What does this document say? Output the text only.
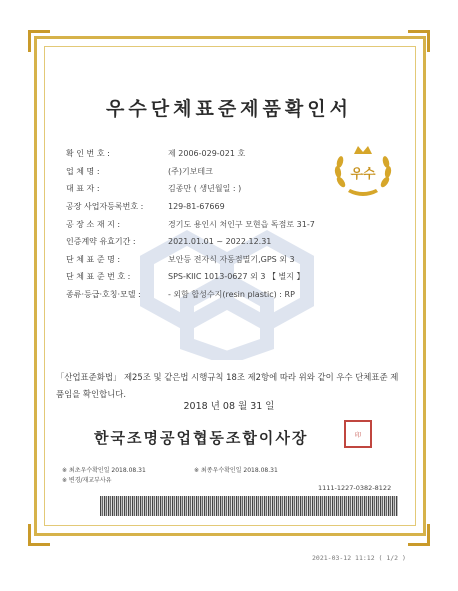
우수단체표준제품확인서
확 인 번 호 :	제 2006-029-021 호
업 체 명 :	(주)기보테크
대 표 자 :	김종만 ( 생년월일 : )
공장 사업자등록번호 :	129-81-67669
공 장 소 재 지 :	경기도 용인시 처인구 모현읍 독점로 31-7
인증계약 유효기간 :	2021.01.01 ~ 2022.12.31
단 체 표 준 명 :	보안등 전자식 자동점멸기,GPS 외 3
단 체 표 준 번 호 :	SPS-KIIC 1013-0627 외 3 【 별지 】
종류·등급·호칭·모델 :	- 외함 합성수지(resin plastic) : RP
우수
「산업표준화법」 제25조 및 같은법 시행규칙 18조 제2항에 따라 위와 같이 우수 단체표준 제품임을 확인합니다.
2018 년 08 월 31 일
한국조명공업협동조합이사장	印
※ 최초우수확인일 2018.08.31	※ 최종우수확인일 2018.08.31
※ 변경/재교부사유
1111-1227-0382-8122
2021-03-12 11:12 ( 1/2 )
